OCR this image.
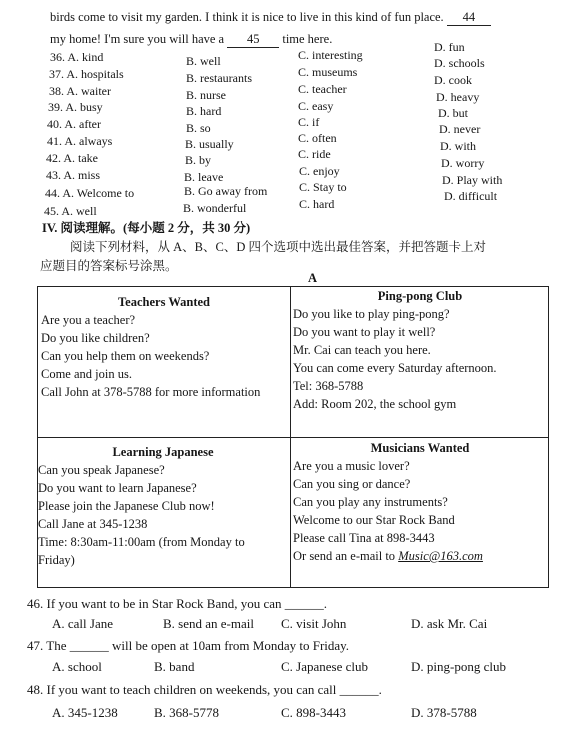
birds come to visit my garden. I think it is nice to live in this kind of fun place. 44
my home! I'm sure you will have a 45 time here.
36. A. kind	B. well	C. interesting
D. fun
37. A. hospitals	B. restaurants	C. museums
D. schools
38. A. waiter	B. nurse	C. teacher
D. cook
39. A. busy	B. hard	C. easy
D. heavy
40. A. after	B. so	C. if
D. but
41. A. always	B. usually	C. often
D. never
42. A. take	B. by	C. ride
D. with
43. A. miss	B. leave	C. enjoy
D. worry
44. A. Welcome to	B. Go away from	C. Stay to	D. Play with
45. A. well	B. wonderful	C. hard
D. difficult
IV. 阅读理解。(每小题 2 分，共 30 分)
阅读下列材料，从 A、B、C、D 四个选项中选出最佳答案，并把答题卡上对
应题目的答案标号涂黑。
A
Teachers Wanted
Are you a teacher?
Do you like children?
Can you help them on weekends?
Come and join us.
Call John at 378-5788 for more information
Ping-pong Club
Do you like to play ping-pong?
Do you want to play it well?
Mr. Cai can teach you here.
You can come every Saturday afternoon.
Tel: 368-5788
Add: Room 202, the school gym
Learning Japanese
Can you speak Japanese?
Do you want to learn Japanese?
Please join the Japanese Club now!
Call Jane at 345-1238
Time: 8:30am-11:00am (from Monday to
Friday)
Musicians Wanted
Are you a music lover?
Can you sing or dance?
Can you play any instruments?
Welcome to our Star Rock Band
Please call Tina at 898-3443
Or send an e-mail to Music@163.com
46. If you want to be in Star Rock Band, you can ______.
A. call Jane	B. send an e-mail C. visit John	D. ask Mr. Cai
47. The ______ will be open at 10am from Monday to Friday.
A. school	B. band	C. Japanese club	D. ping-pong club
48. If you want to teach children on weekends, you can call ______.
A. 345-1238	B. 368-5778	C. 898-3443	D. 378-5788
